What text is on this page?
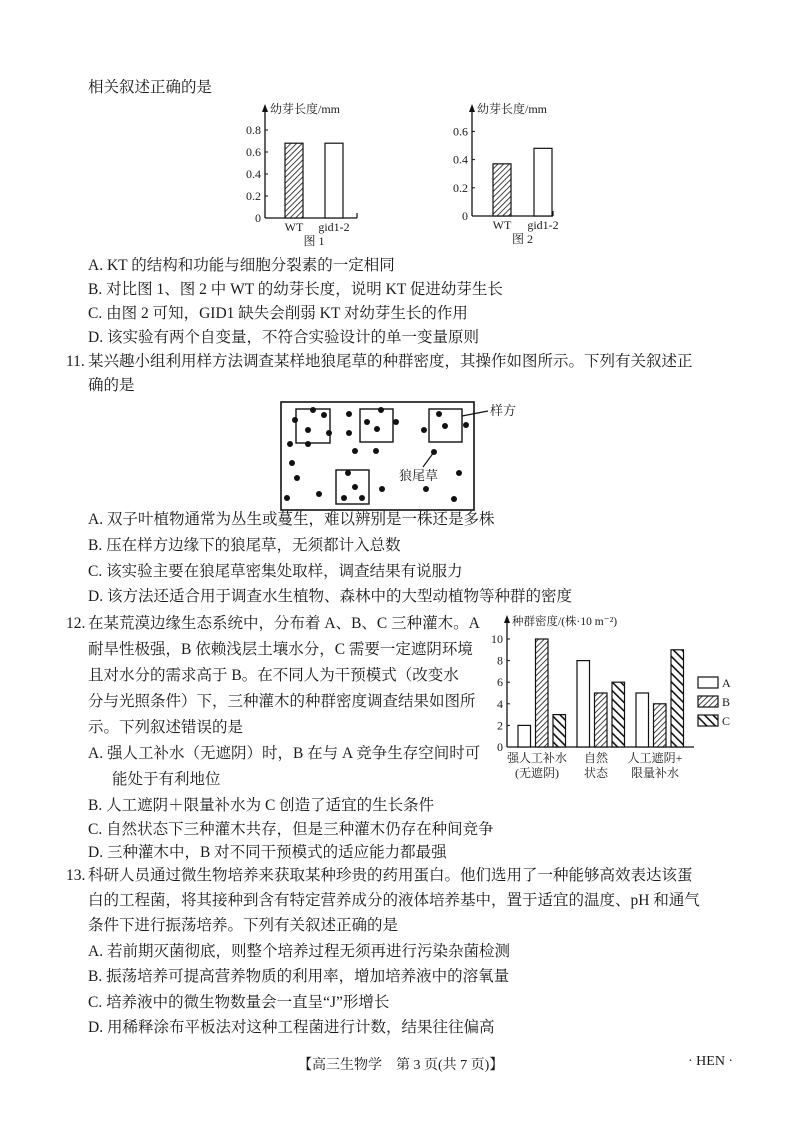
相关叙述正确的是
幼芽长度/mm
0
0.2
0.4
0.6
0.8
WT gid1-2
图 1
幼芽长度/mm
0
0.2
0.4
0.6
WT gid1-2
图 2
A. KT 的结构和功能与细胞分裂素的一定相同
B. 对比图 1、图 2 中 WT 的幼芽长度，说明 KT 促进幼芽生长
C. 由图 2 可知，GID1 缺失会削弱 KT 对幼芽生长的作用
D. 该实验有两个自变量，不符合实验设计的单一变量原则
11. 某兴趣小组利用样方法调查某样地狼尾草的种群密度，其操作如图所示。下列有关叙述正
确的是
样方
狼尾草
A. 双子叶植物通常为丛生或蔓生，难以辨别是一株还是多株
B. 压在样方边缘下的狼尾草，无须都计入总数
C. 该实验主要在狼尾草密集处取样，调查结果有说服力
D. 该方法还适合用于调查水生植物、森林中的大型动植物等种群的密度
12. 在某荒漠边缘生态系统中，分布着 A、B、C 三种灌木。A
耐旱性极强，B 依赖浅层土壤水分，C 需要一定遮阴环境
且对水分的需求高于 B。在不同人为干预模式（改变水
分与光照条件）下，三种灌木的种群密度调查结果如图所
示。下列叙述错误的是
A. 强人工补水（无遮阴）时，B 在与 A 竞争生存空间时可
能处于有利地位
B. 人工遮阴＋限量补水为 C 创造了适宜的生长条件
C. 自然状态下三种灌木共存，但是三种灌木仍存在种间竞争
D. 三种灌木中，B 对不同干预模式的适应能力都最强
种群密度/(株·10 m⁻²)
0
2
4
6
8
10
强人工补水
(无遮阴)
自然
状态
人工遮阴+
限量补水
A
B
C
13. 科研人员通过微生物培养来获取某种珍贵的药用蛋白。他们选用了一种能够高效表达该蛋
白的工程菌，将其接种到含有特定营养成分的液体培养基中，置于适宜的温度、pH 和通气
条件下进行振荡培养。下列有关叙述正确的是
A. 若前期灭菌彻底，则整个培养过程无须再进行污染杂菌检测
B. 振荡培养可提高营养物质的利用率，增加培养液中的溶氧量
C. 培养液中的微生物数量会一直呈“J”形增长
D. 用稀释涂布平板法对这种工程菌进行计数，结果往往偏高
【高三生物学　第 3 页(共 7 页)】	· HEN ·
